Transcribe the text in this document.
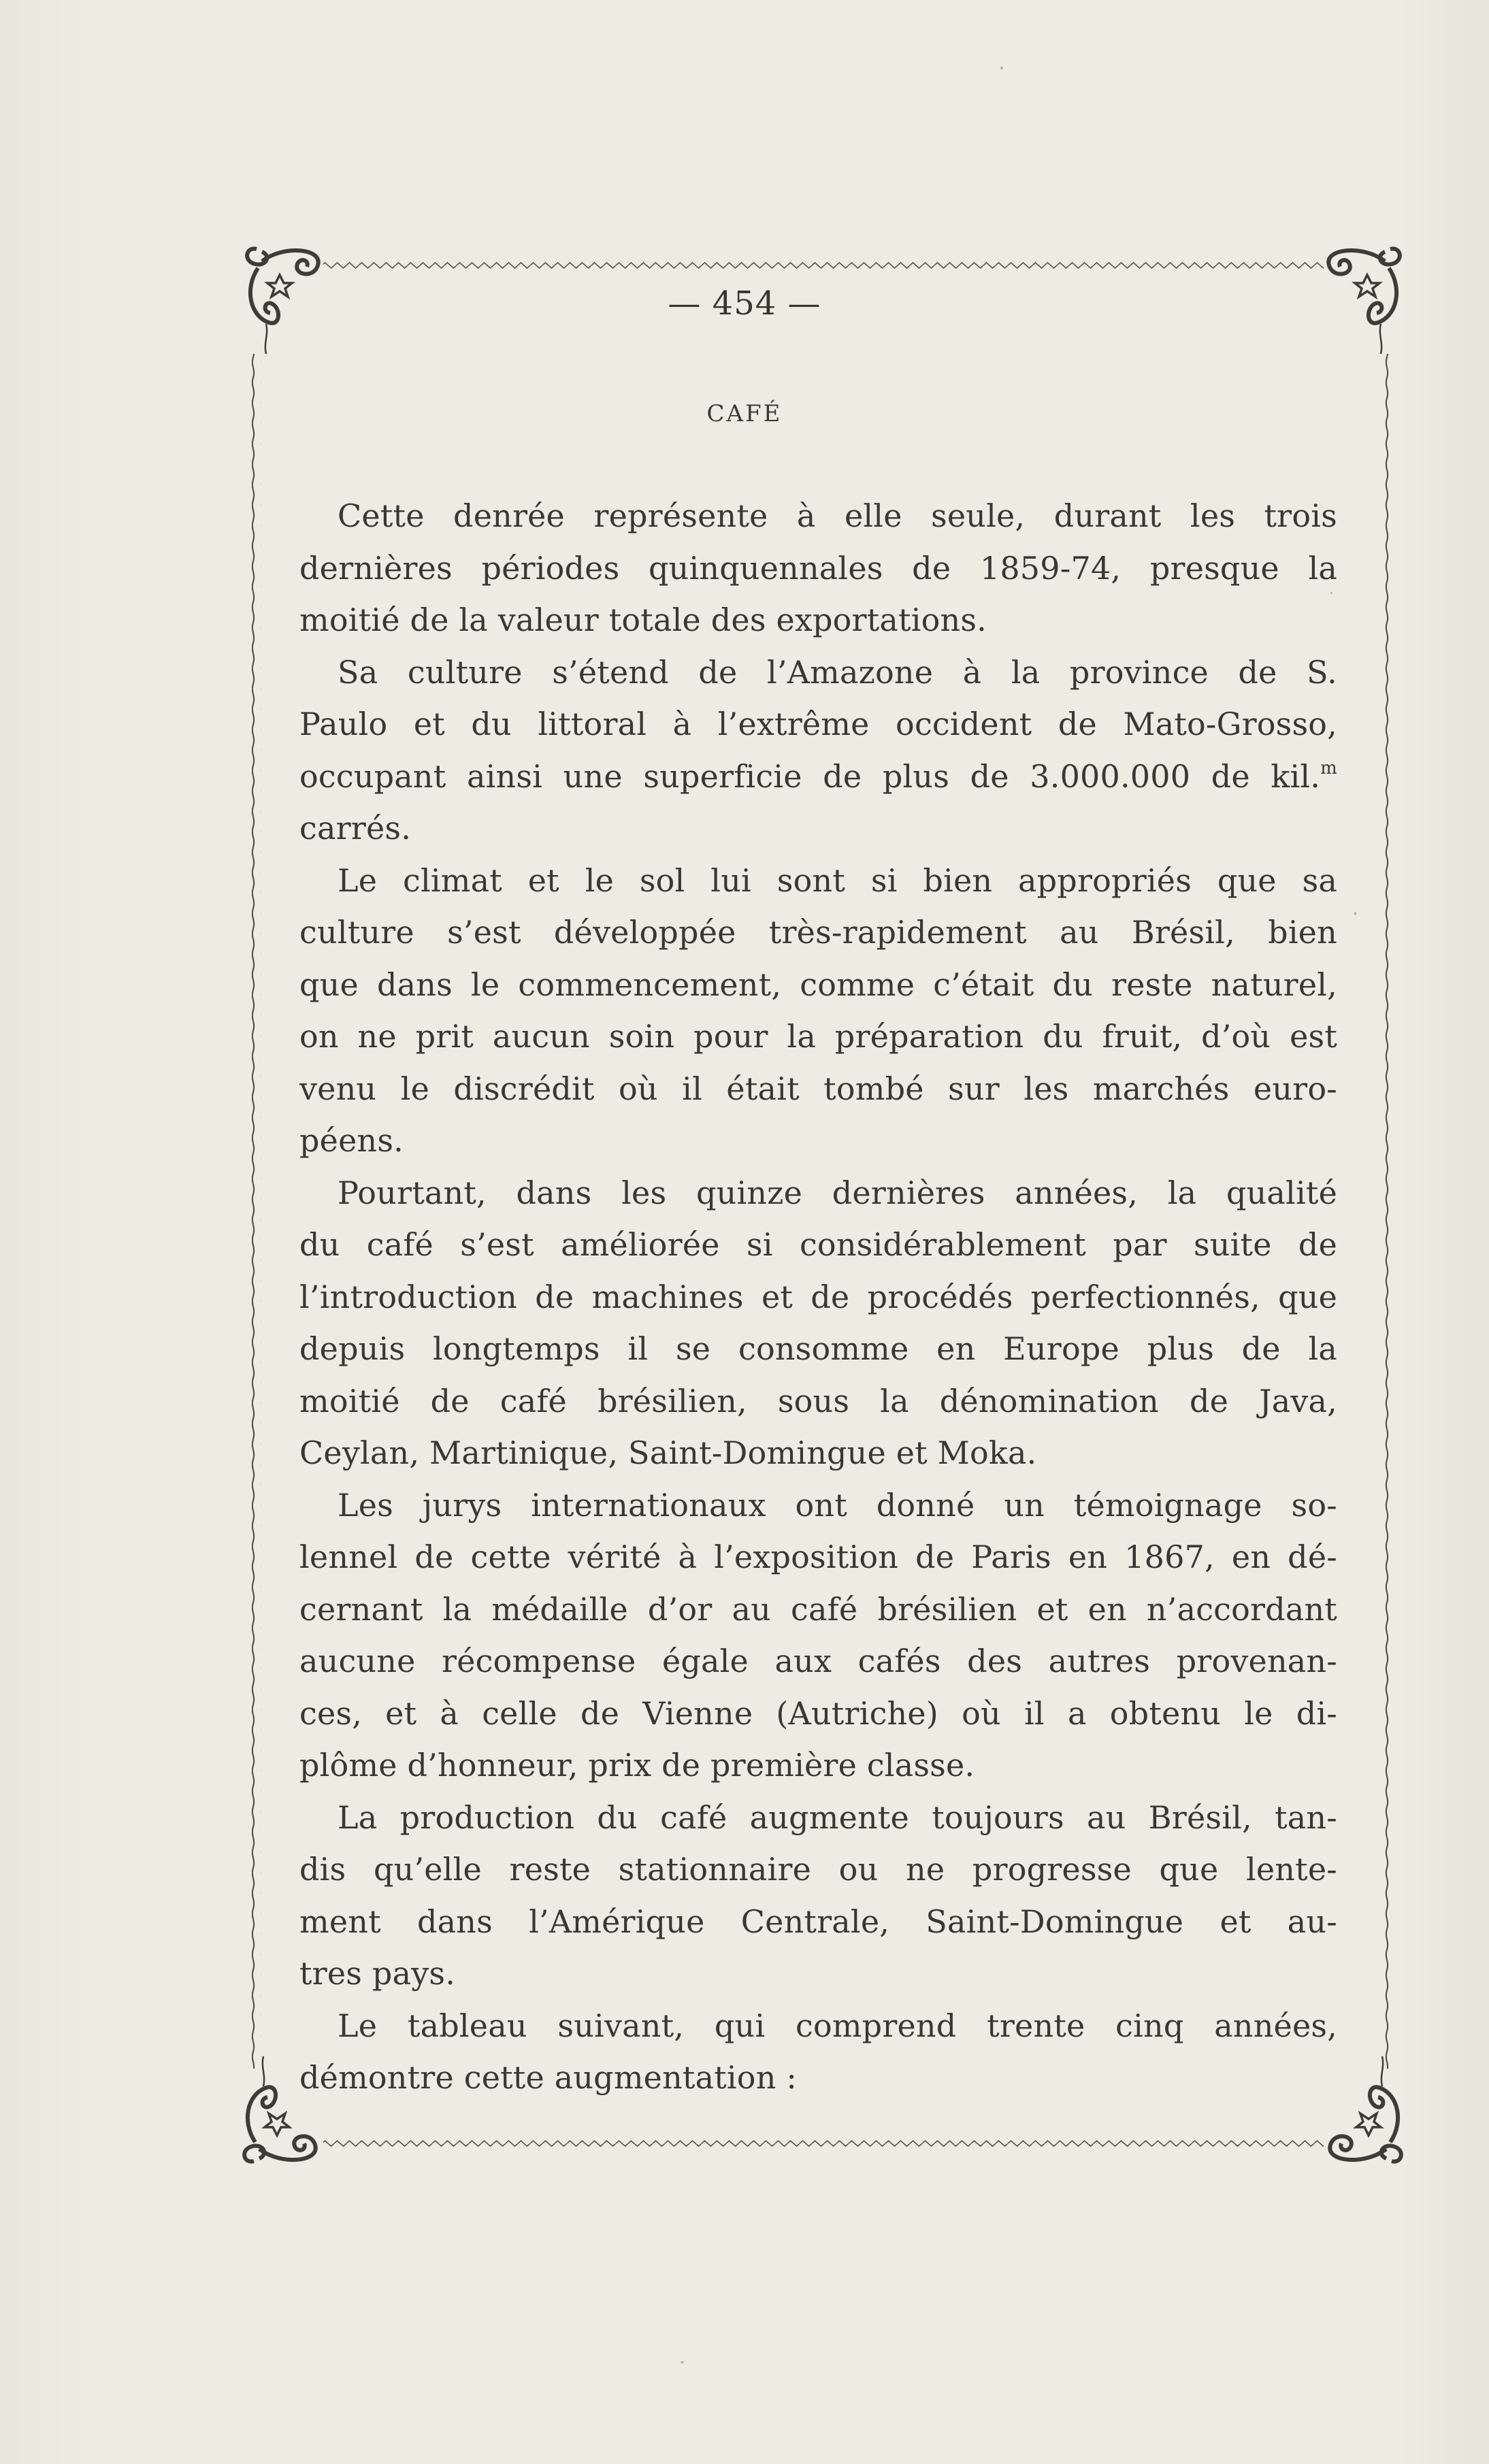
— 454 —
CAFÉ
Cette denrée représente à elle seule, durant les trois
dernières périodes quinquennales de 1859-74, presque la
moitié de la valeur totale des exportations.
Sa culture s’étend de l’Amazone à la province de S.
Paulo et du littoral à l’extrême occident de Mato-Grosso,
occupant ainsi une superficie de plus de 3.000.000 de kil.$^m$
carrés.
Le climat et le sol lui sont si bien appropriés que sa
culture s’est développée très-rapidement au Brésil, bien
que dans le commencement, comme c’était du reste naturel,
on ne prit aucun soin pour la préparation du fruit, d’où est
venu le discrédit où il était tombé sur les marchés euro-
péens.
Pourtant, dans les quinze dernières années, la qualité
du café s’est améliorée si considérablement par suite de
l’introduction de machines et de procédés perfectionnés, que
depuis longtemps il se consomme en Europe plus de la
moitié de café brésilien, sous la dénomination de Java,
Ceylan, Martinique, Saint-Domingue et Moka.
Les jurys internationaux ont donné un témoignage so-
lennel de cette vérité à l’exposition de Paris en 1867, en dé-
cernant la médaille d’or au café brésilien et en n’accordant
aucune récompense égale aux cafés des autres provenan-
ces, et à celle de Vienne (Autriche) où il a obtenu le di-
plôme d’honneur, prix de première classe.
La production du café augmente toujours au Brésil, tan-
dis qu’elle reste stationnaire ou ne progresse que lente-
ment dans l’Amérique Centrale, Saint-Domingue et au-
tres pays.
Le tableau suivant, qui comprend trente cinq années,
démontre cette augmentation :
